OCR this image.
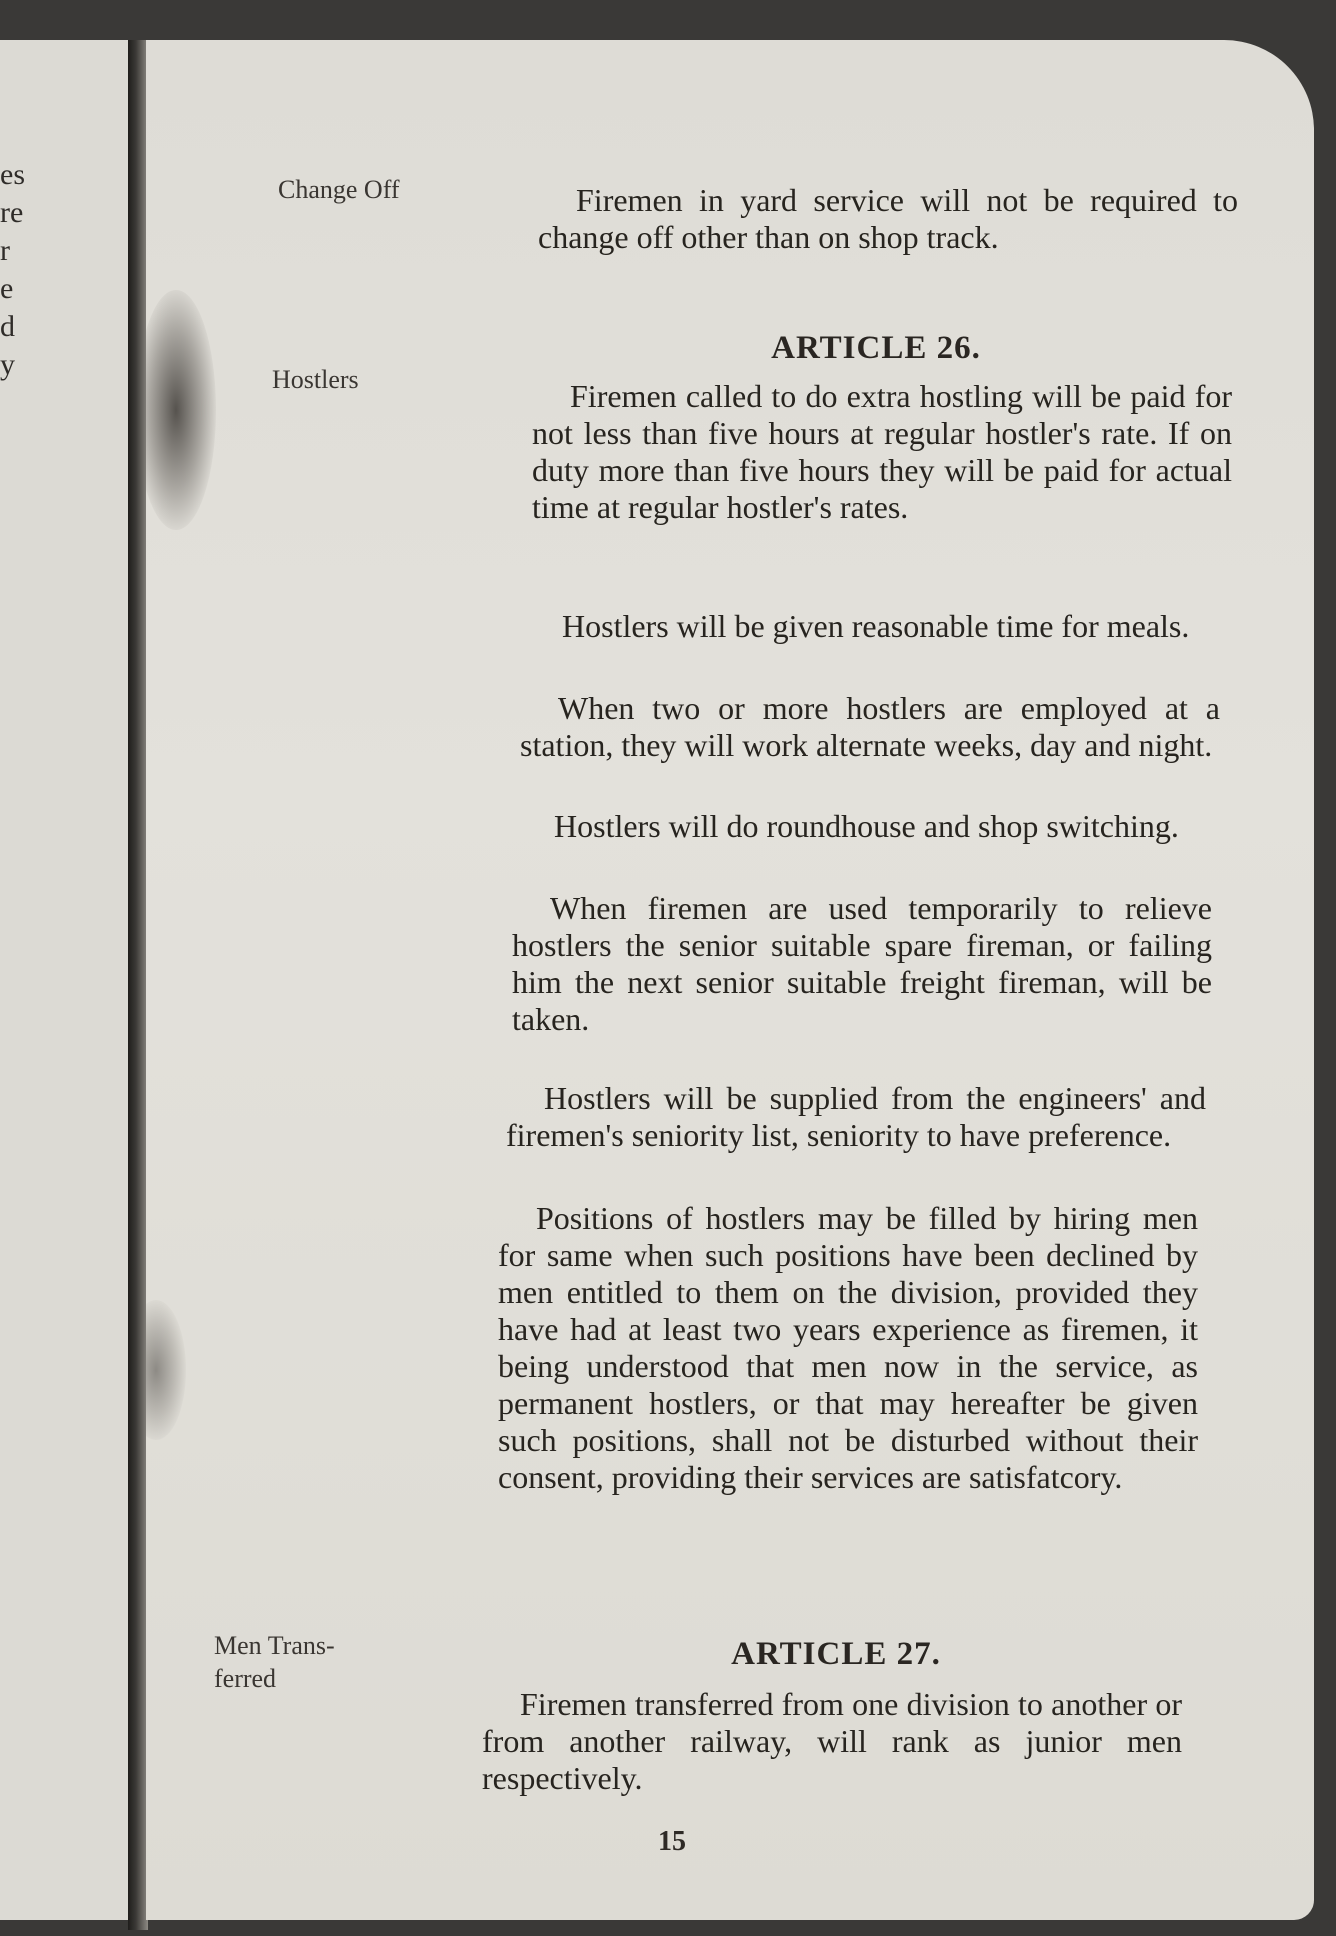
es
re
r
e
d
y
Change Off
Hostlers
Men Trans-
ferred

Firemen in yard service will not be required to change off other than on shop track.

ARTICLE 26.

Firemen called to do extra hostling will be paid for not less than five hours at regular hostler's rate. If on duty more than five hours they will be paid for actual time at regular hostler's rates.

Hostlers will be given reasonable time for meals.

When two or more hostlers are employed at a station, they will work alternate weeks, day and night.

Hostlers will do roundhouse and shop switching.

When firemen are used temporarily to relieve hostlers the senior suitable spare fireman, or failing him the next senior suitable freight fireman, will be taken.

Hostlers will be supplied from the engineers' and firemen's seniority list, seniority to have preference.

Positions of hostlers may be filled by hiring men for same when such positions have been declined by men entitled to them on the division, provided they have had at least two years experience as firemen, it being understood that men now in the service, as permanent hostlers, or that may hereafter be given such positions, shall not be disturbed without their consent, providing their services are satisfatcory.

ARTICLE 27.

Firemen transferred from one division to another or from another railway, will rank as junior men respectively.

15
